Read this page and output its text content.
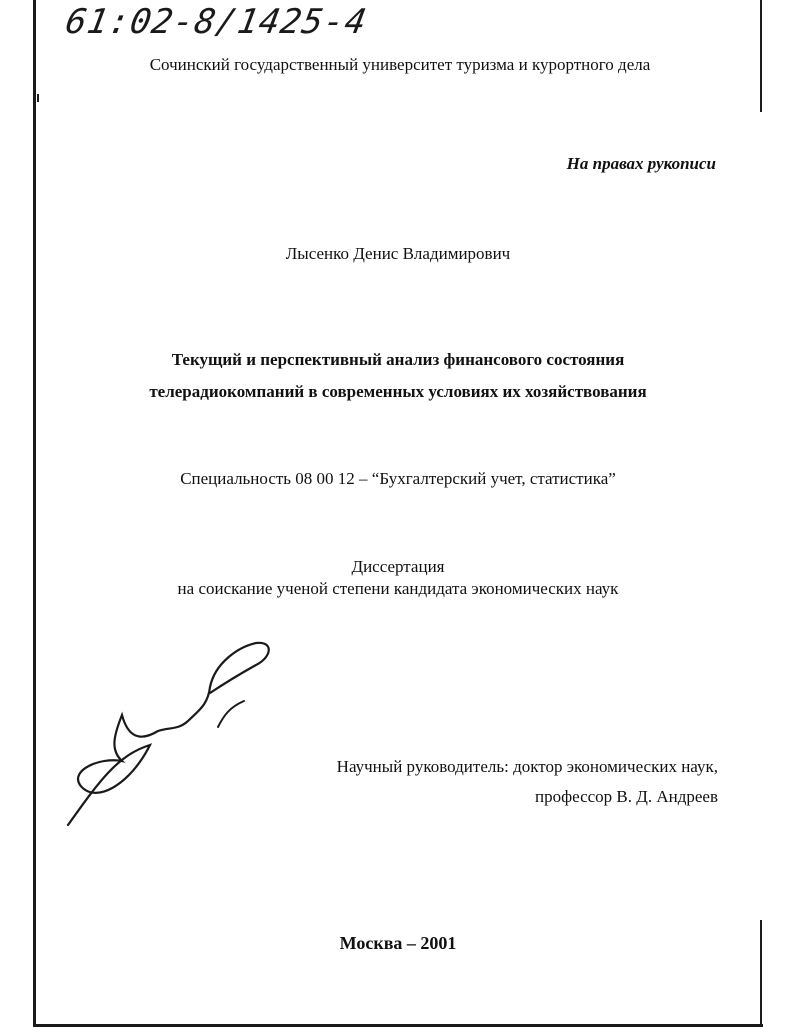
61:02-8/1425-4
Сочинский государственный университет туризма и курортного дела
На правах рукописи
Лысенко Денис Владимирович
Текущий и перспективный анализ финансового состояния
телерадиокомпаний в современных условиях их хозяйствования
Специальность 08 00 12 – “Бухгалтерский учет, статистика”
Диссертация
на соискание ученой степени кандидата экономических наук
Научный руководитель: доктор экономических наук,
профессор В. Д. Андреев
Москва – 2001
